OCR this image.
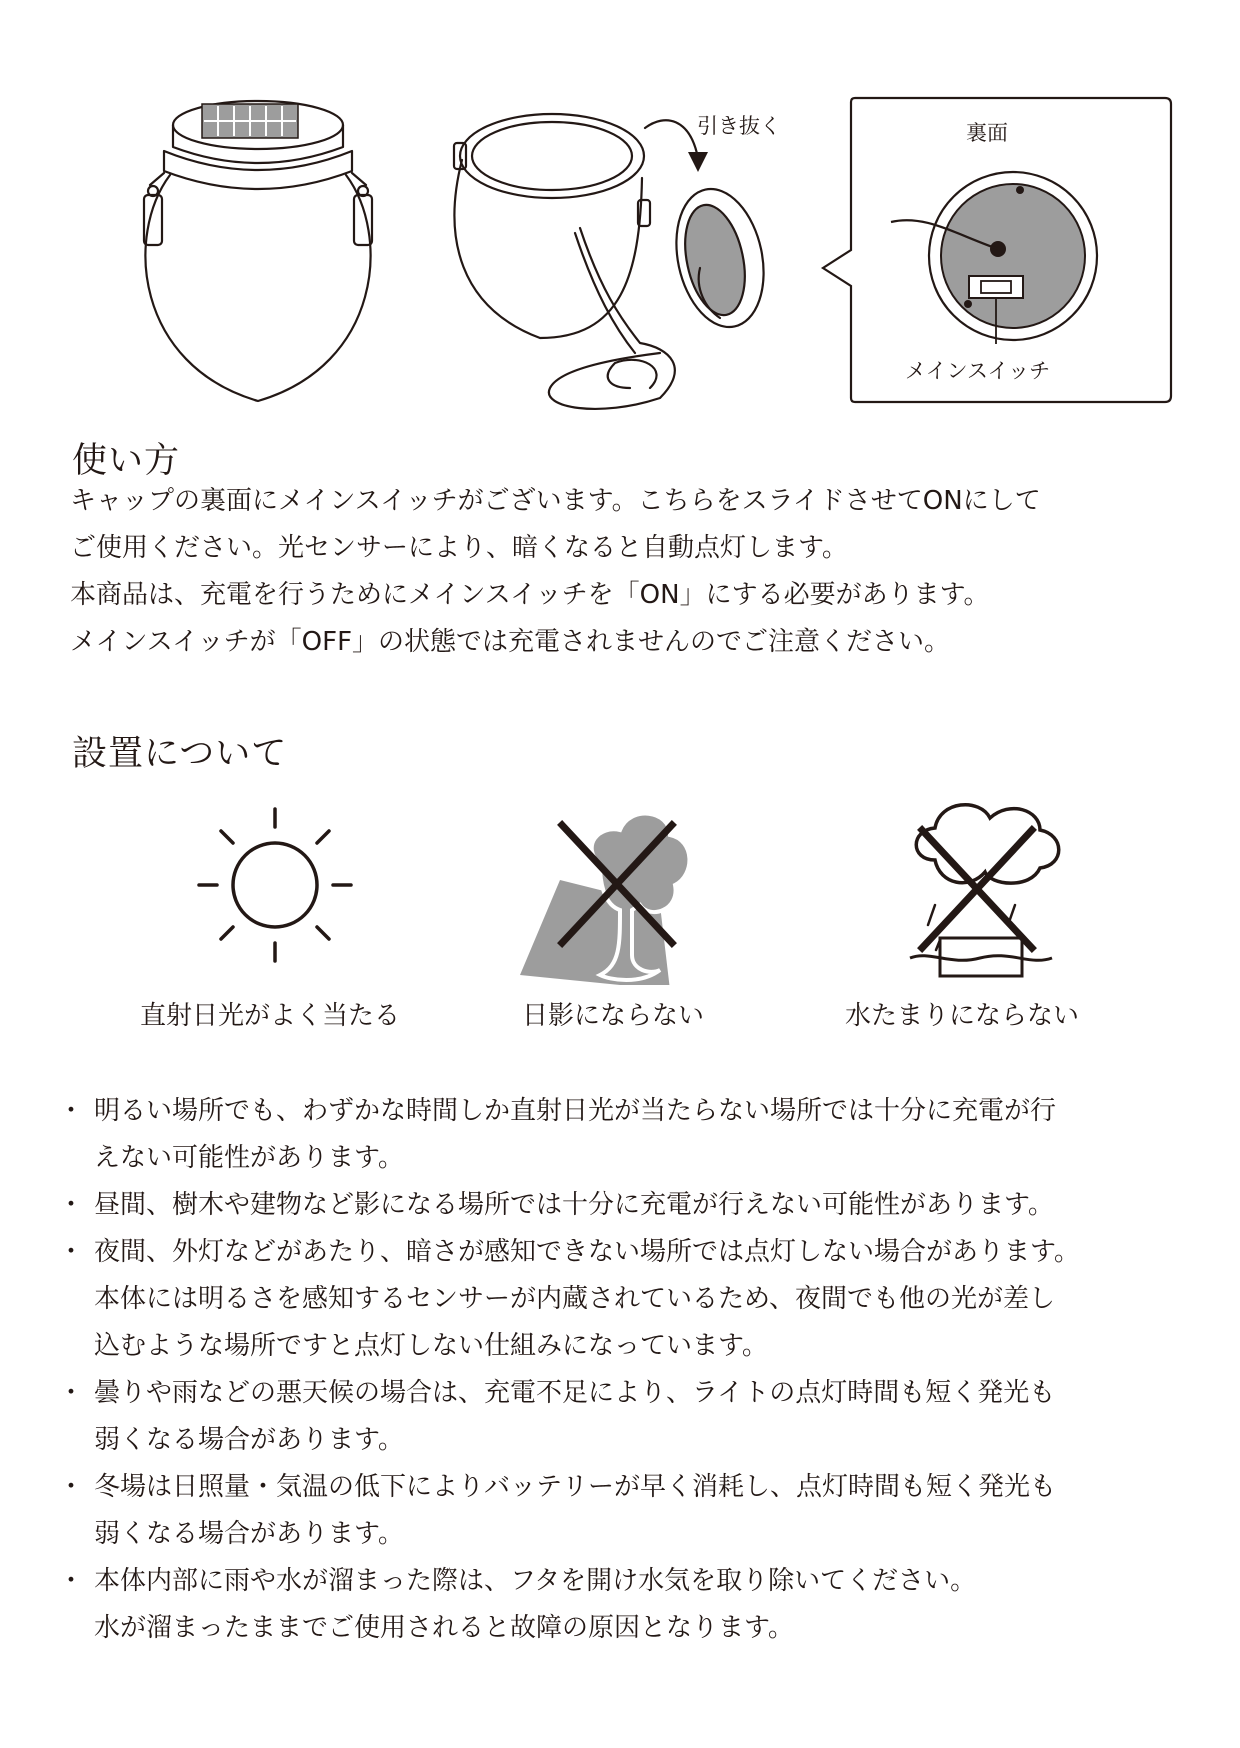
引き抜く	裏面
メインスイッチ
使い方
キャップの裏面にメインスイッチがございます。こちらをスライドさせてONにして
ご使用ください。光センサーにより、暗くなると自動点灯します。
本商品は、充電を行うためにメインスイッチを「ON」にする必要があります。
メインスイッチが「OFF」の状態では充電されませんのでご注意ください。
設置について
直射日光がよく当たる	日影にならない	水たまりにならない
・ 明るい場所でも、わずかな時間しか直射日光が当たらない場所では十分に充電が行
えない可能性があります。
・ 昼間、樹木や建物など影になる場所では十分に充電が行えない可能性があります。
・ 夜間、外灯などがあたり、暗さが感知できない場所では点灯しない場合があります。
本体には明るさを感知するセンサーが内蔵されているため、夜間でも他の光が差し
込むような場所ですと点灯しない仕組みになっています。
・ 曇りや雨などの悪天候の場合は、充電不足により、ライトの点灯時間も短く発光も
弱くなる場合があります。
・ 冬場は日照量・気温の低下によりバッテリーが早く消耗し、点灯時間も短く発光も
弱くなる場合があります。
・ 本体内部に雨や水が溜まった際は、フタを開け水気を取り除いてください。
水が溜まったままでご使用されると故障の原因となります。
